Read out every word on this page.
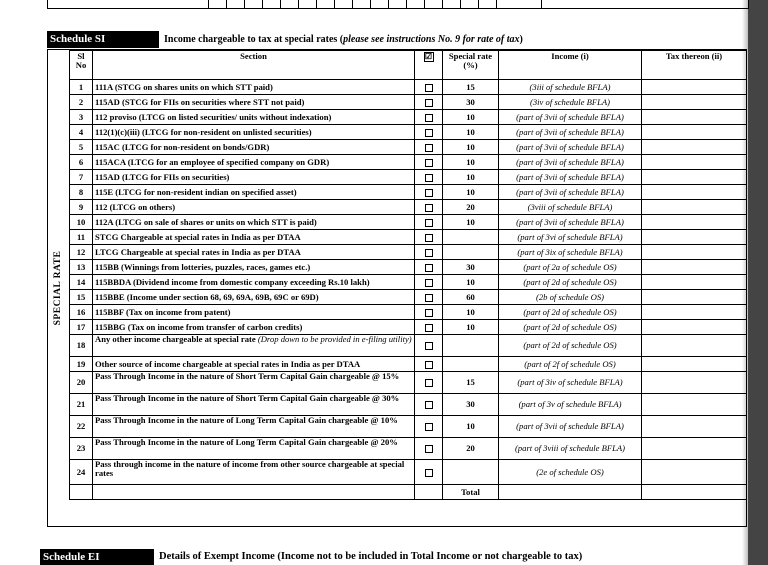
Schedule SI	Income chargeable to tax at special rates (please see instructions No. 9 for rate of tax)
SPECIAL RATE
Sl No	Section	☑	Special rate (%)	Income (i)	Tax thereon (ii)
1	111A (STCG on shares units on which STT paid)		15	(3iii of schedule BFLA)	
2	115AD (STCG for FIIs on securities where STT not paid)		30	(3iv of schedule BFLA)	
3	112 proviso (LTCG on listed securities/ units without indexation)		10	(part of 3vii of schedule BFLA)	
4	112(1)(c)(iii) (LTCG for non-resident on unlisted securities)		10	(part of 3vii of schedule BFLA)	
5	115AC (LTCG for non-resident on bonds/GDR)		10	(part of 3vii of schedule BFLA)	
6	115ACA (LTCG for an employee of specified company on GDR)		10	(part of 3vii of schedule BFLA)	
7	115AD (LTCG for FIIs on securities)		10	(part of 3vii of schedule BFLA)	
8	115E (LTCG for non-resident indian on specified asset)		10	(part of 3vii of schedule BFLA)	
9	112 (LTCG on others)		20	(3viii of schedule BFLA)	
10	112A (LTCG on sale of shares or units on which STT is paid)		10	(part of 3vii of schedule BFLA)	
11	STCG Chargeable at special rates in India as per DTAA			(part of 3vi of schedule BFLA)	
12	LTCG Chargeable at special rates in India as per DTAA			(part of 3ix of schedule BFLA)	
13	115BB (Winnings from lotteries, puzzles, races, games etc.)		30	(part of 2a of schedule OS)	
14	115BBDA (Dividend income from domestic company exceeding Rs.10 lakh)		10	(part of 2d of schedule OS)	
15	115BBE (Income under section 68, 69, 69A, 69B, 69C or 69D)		60	(2b of schedule OS)	
16	115BBF (Tax on income from patent)		10	(part of 2d of schedule OS)	
17	115BBG (Tax on income from transfer of carbon credits)		10	(part of 2d of schedule OS)	
18	Any other income chargeable at special rate (Drop down to be provided in e-filing utility)			(part of 2d of schedule OS)	
19	Other source of income chargeable at special rates in India as per DTAA			(part of 2f of schedule OS)	
20	Pass Through Income in the nature of Short Term Capital Gain chargeable @ 15%		15	(part of 3iv of schedule BFLA)	
21	Pass Through Income in the nature of Short Term Capital Gain chargeable @ 30%		30	(part of 3v of schedule BFLA)	
22	Pass Through Income in the nature of Long Term Capital Gain chargeable @ 10%		10	(part of 3vii of schedule BFLA)	
23	Pass Through Income in the nature of Long Term Capital Gain chargeable @ 20%		20	(part of 3viii of schedule BFLA)	
24	Pass through income in the nature of income from other source chargeable at special rates			(2e of schedule OS)	
			Total		
Schedule EI	Details of Exempt Income (Income not to be included in Total Income or not chargeable to tax)
